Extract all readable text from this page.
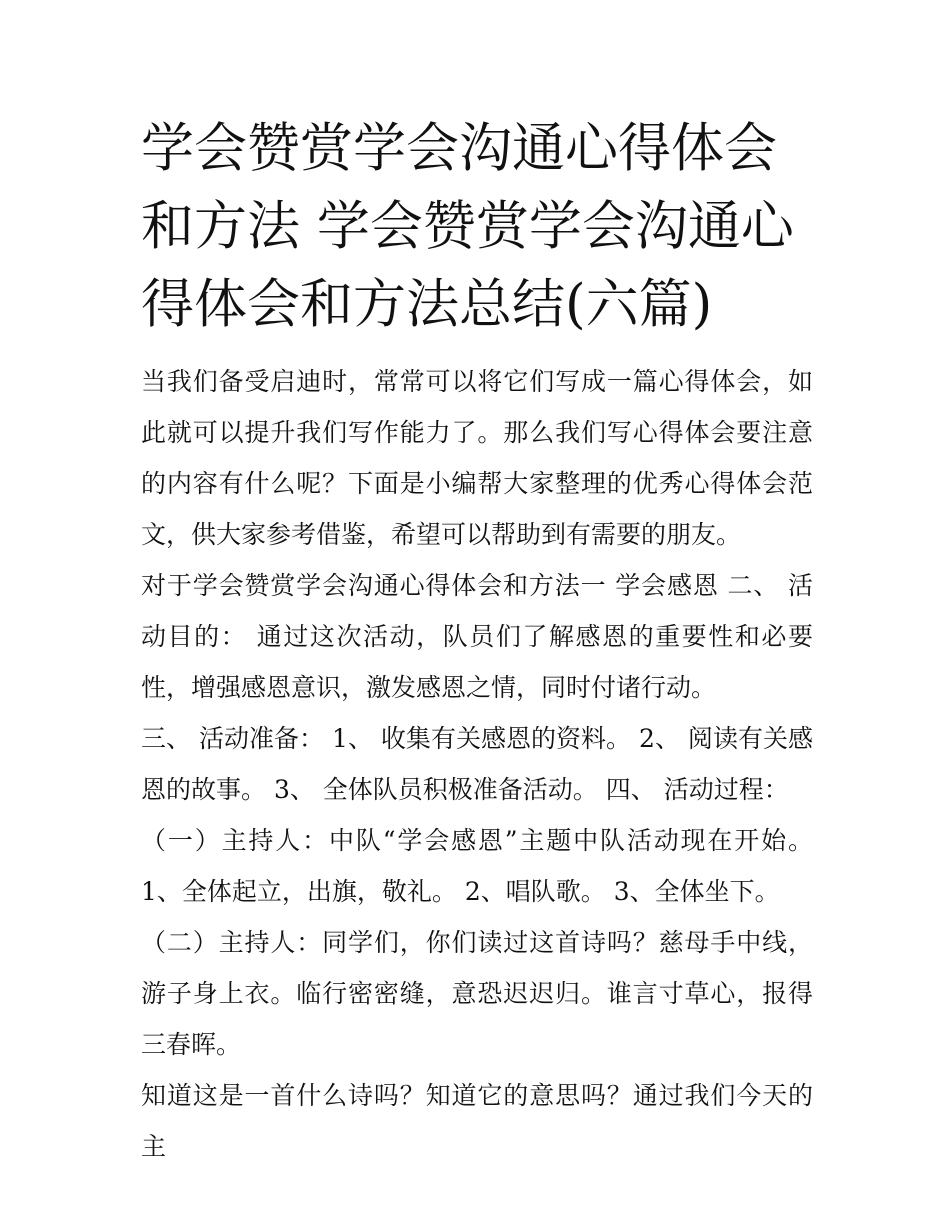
学会赞赏学会沟通心得体会和方法 学会赞赏学会沟通心得体会和方法总结(六篇)

当我们备受启迪时，常常可以将它们写成一篇心得体会，如此就可以提升我们写作能力了。那么我们写心得体会要注意的内容有什么呢？下面是小编帮大家整理的优秀心得体会范文，供大家参考借鉴，希望可以帮助到有需要的朋友。

对于学会赞赏学会沟通心得体会和方法一 学会感恩 二、 活动目的： 通过这次活动，队员们了解感恩的重要性和必要性，增强感恩意识，激发感恩之情，同时付诸行动。

三、 活动准备： 1、 收集有关感恩的资料。 2、 阅读有关感恩的故事。 3、 全体队员积极准备活动。 四、 活动过程：

（一）主持人：中队“学会感恩”主题中队活动现在开始。 1、全体起立，出旗，敬礼。 2、唱队歌。 3、全体坐下。

（二）主持人：同学们，你们读过这首诗吗？慈母手中线，游子身上衣。临行密密缝，意恐迟迟归。谁言寸草心，报得三春晖。

知道这是一首什么诗吗？知道它的意思吗？通过我们今天的主
